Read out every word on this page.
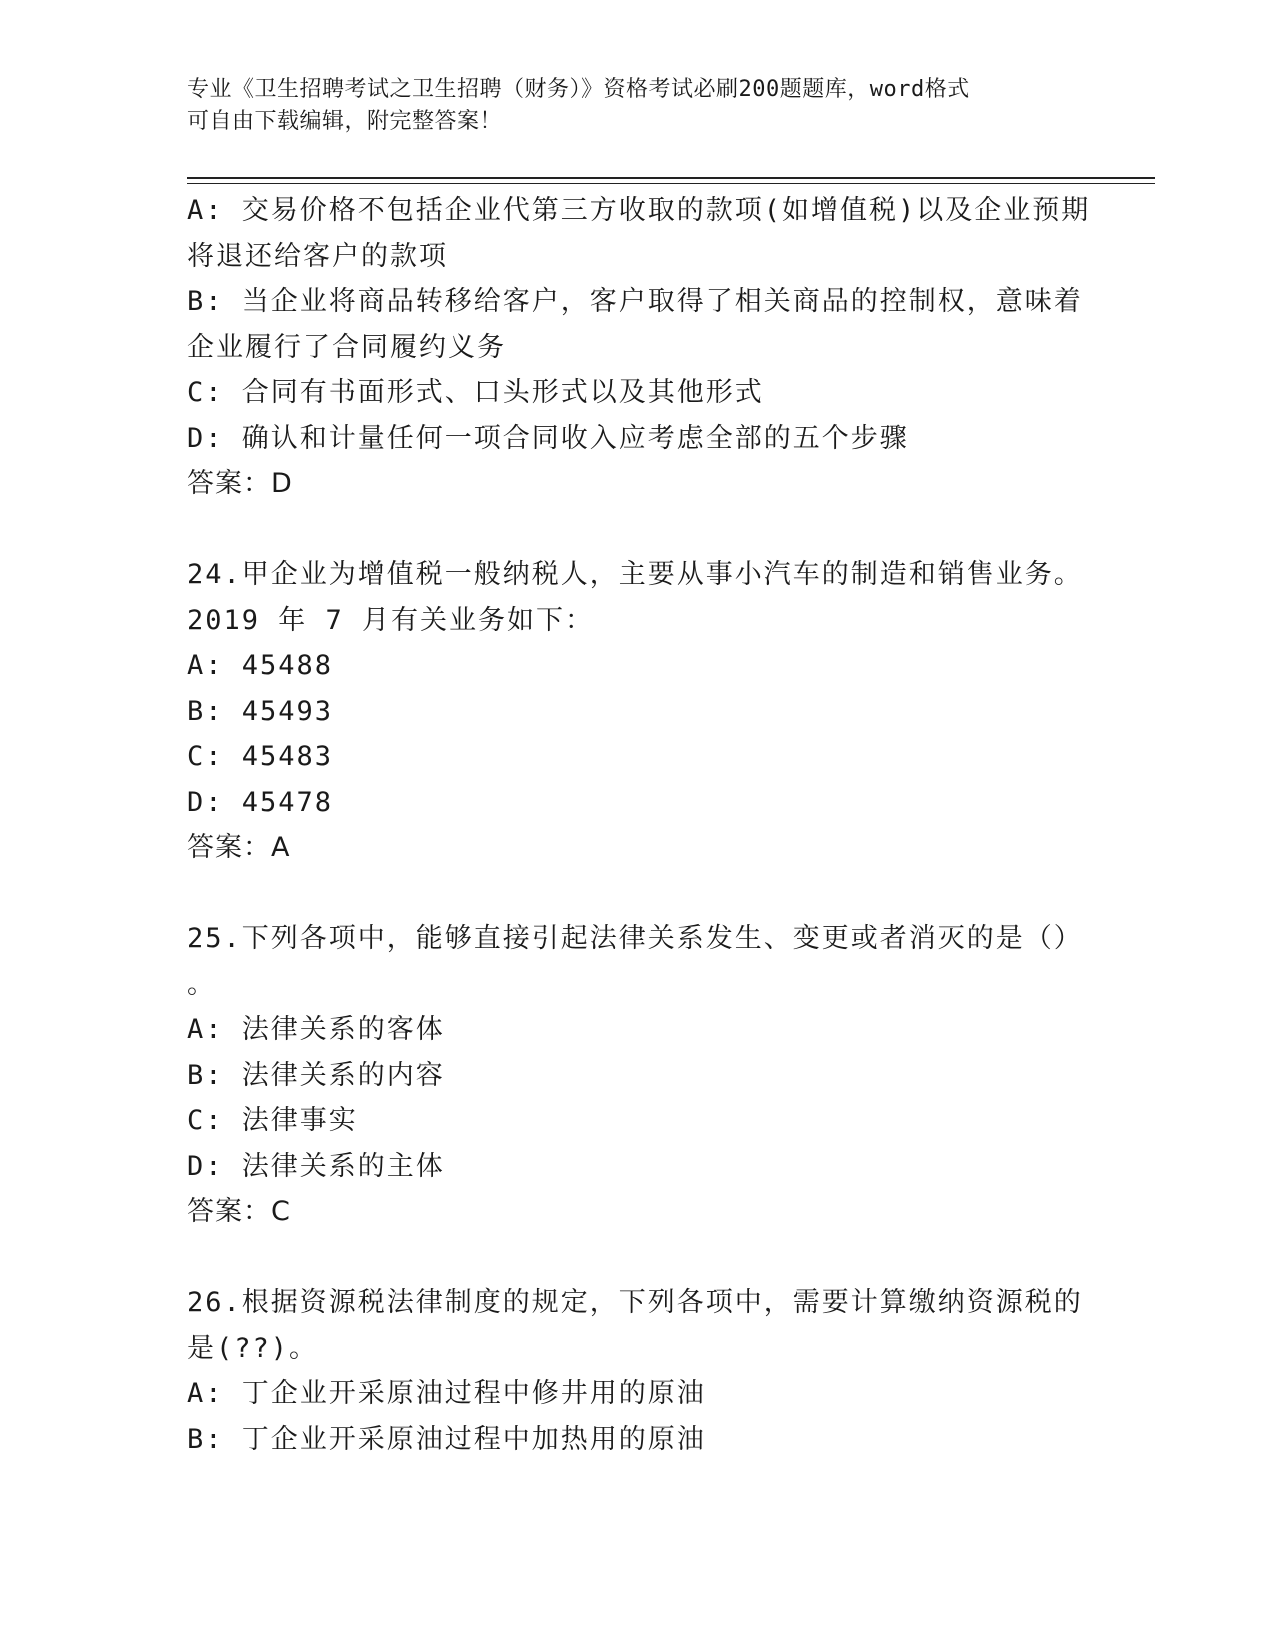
专业《卫生招聘考试之卫生招聘（财务）》资格考试必刷200题题库，word格式

可自由下载编辑，附完整答案！

A: 交易价格不包括企业代第三方收取的款项(如增值税)以及企业预期

将退还给客户的款项

B: 当企业将商品转移给客户，客户取得了相关商品的控制权，意味着

企业履行了合同履约义务

C: 合同有书面形式、口头形式以及其他形式

D: 确认和计量任何一项合同收入应考虑全部的五个步骤

答案：D

24.甲企业为增值税一般纳税人，主要从事小汽车的制造和销售业务。

2019 年 7 月有关业务如下：

A: 45488

B: 45493

C: 45483

D: 45478

答案：A

25.下列各项中，能够直接引起法律关系发生、变更或者消灭的是（）

。

A: 法律关系的客体

B: 法律关系的内容

C: 法律事实

D: 法律关系的主体

答案：C

26.根据资源税法律制度的规定，下列各项中，需要计算缴纳资源税的

是(??)。

A: 丁企业开采原油过程中修井用的原油

B: 丁企业开采原油过程中加热用的原油
